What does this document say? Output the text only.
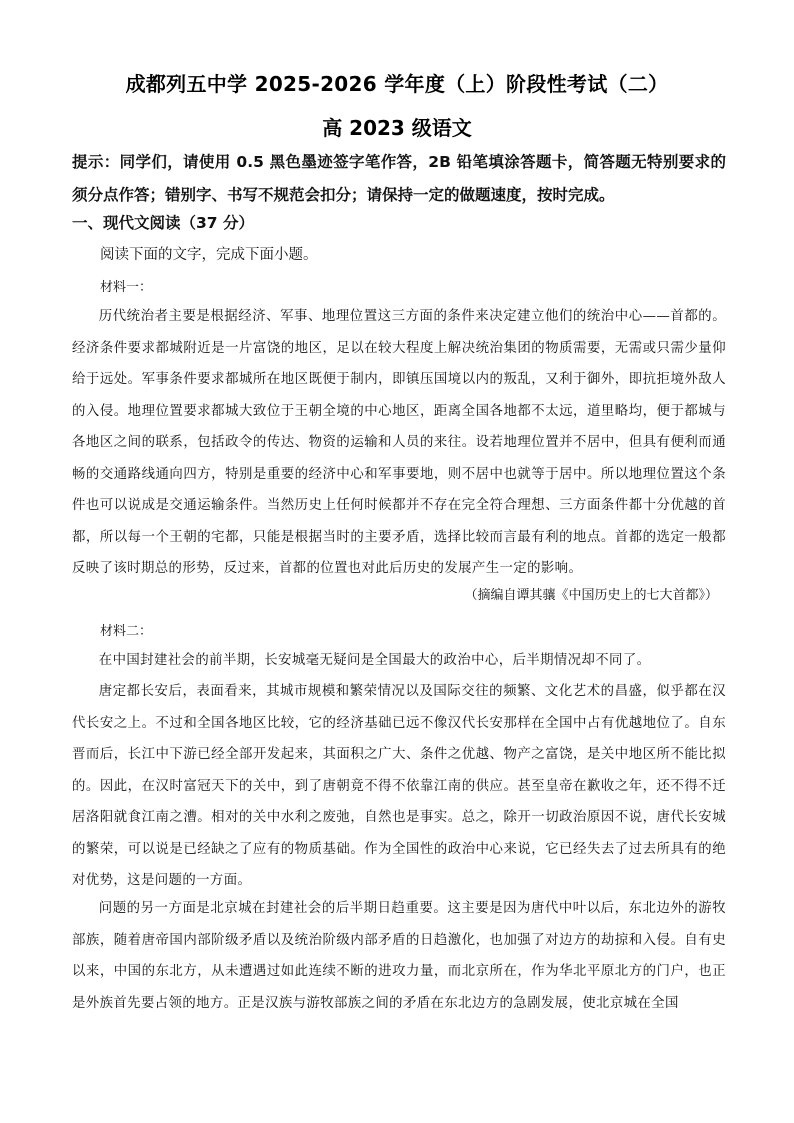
成都列五中学 2025-2026 学年度（上）阶段性考试（二）
高 2023 级语文
提示：同学们，请使用 0.5 黑色墨迹签字笔作答，2B 铅笔填涂答题卡，简答题无特别要求的须分点作答；错别字、书写不规范会扣分；请保持一定的做题速度，按时完成。
一、现代文阅读（37 分）
阅读下面的文字，完成下面小题。
材料一：
历代统治者主要是根据经济、军事、地理位置这三方面的条件来决定建立他们的统治中心——首都的。经济条件要求都城附近是一片富饶的地区，足以在较大程度上解决统治集团的物质需要，无需或只需少量仰给于远处。军事条件要求都城所在地区既便于制内，即镇压国境以内的叛乱，又利于御外，即抗拒境外敌人的入侵。地理位置要求都城大致位于王朝全境的中心地区，距离全国各地都不太远，道里略均，便于都城与各地区之间的联系，包括政令的传达、物资的运输和人员的来往。设若地理位置并不居中，但具有便利而通畅的交通路线通向四方，特别是重要的经济中心和军事要地，则不居中也就等于居中。所以地理位置这个条件也可以说成是交通运输条件。当然历史上任何时候都并不存在完全符合理想、三方面条件都十分优越的首都，所以每一个王朝的宅都，只能是根据当时的主要矛盾，选择比较而言最有利的地点。首都的选定一般都反映了该时期总的形势，反过来，首都的位置也对此后历史的发展产生一定的影响。
（摘编自谭其骧《中国历史上的七大首都》）
材料二：
在中国封建社会的前半期，长安城毫无疑问是全国最大的政治中心，后半期情况却不同了。
唐定都长安后，表面看来，其城市规模和繁荣情况以及国际交往的频繁、文化艺术的昌盛，似乎都在汉代长安之上。不过和全国各地区比较，它的经济基础已远不像汉代长安那样在全国中占有优越地位了。自东晋而后，长江中下游已经全部开发起来，其面积之广大、条件之优越、物产之富饶，是关中地区所不能比拟的。因此，在汉时富冠天下的关中，到了唐朝竟不得不依靠江南的供应。甚至皇帝在歉收之年，还不得不迁居洛阳就食江南之漕。相对的关中水利之废弛，自然也是事实。总之，除开一切政治原因不说，唐代长安城的繁荣，可以说是已经缺之了应有的物质基础。作为全国性的政治中心来说，它已经失去了过去所具有的绝对优势，这是问题的一方面。
问题的另一方面是北京城在封建社会的后半期日趋重要。这主要是因为唐代中叶以后，东北边外的游牧部族，随着唐帝国内部阶级矛盾以及统治阶级内部矛盾的日趋激化，也加强了对边方的劫掠和入侵。自有史以来，中国的东北方，从未遭遇过如此连续不断的进攻力量，而北京所在，作为华北平原北方的门户，也正是外族首先要占领的地方。正是汉族与游牧部族之间的矛盾在东北边方的急剧发展，使北京城在全国
